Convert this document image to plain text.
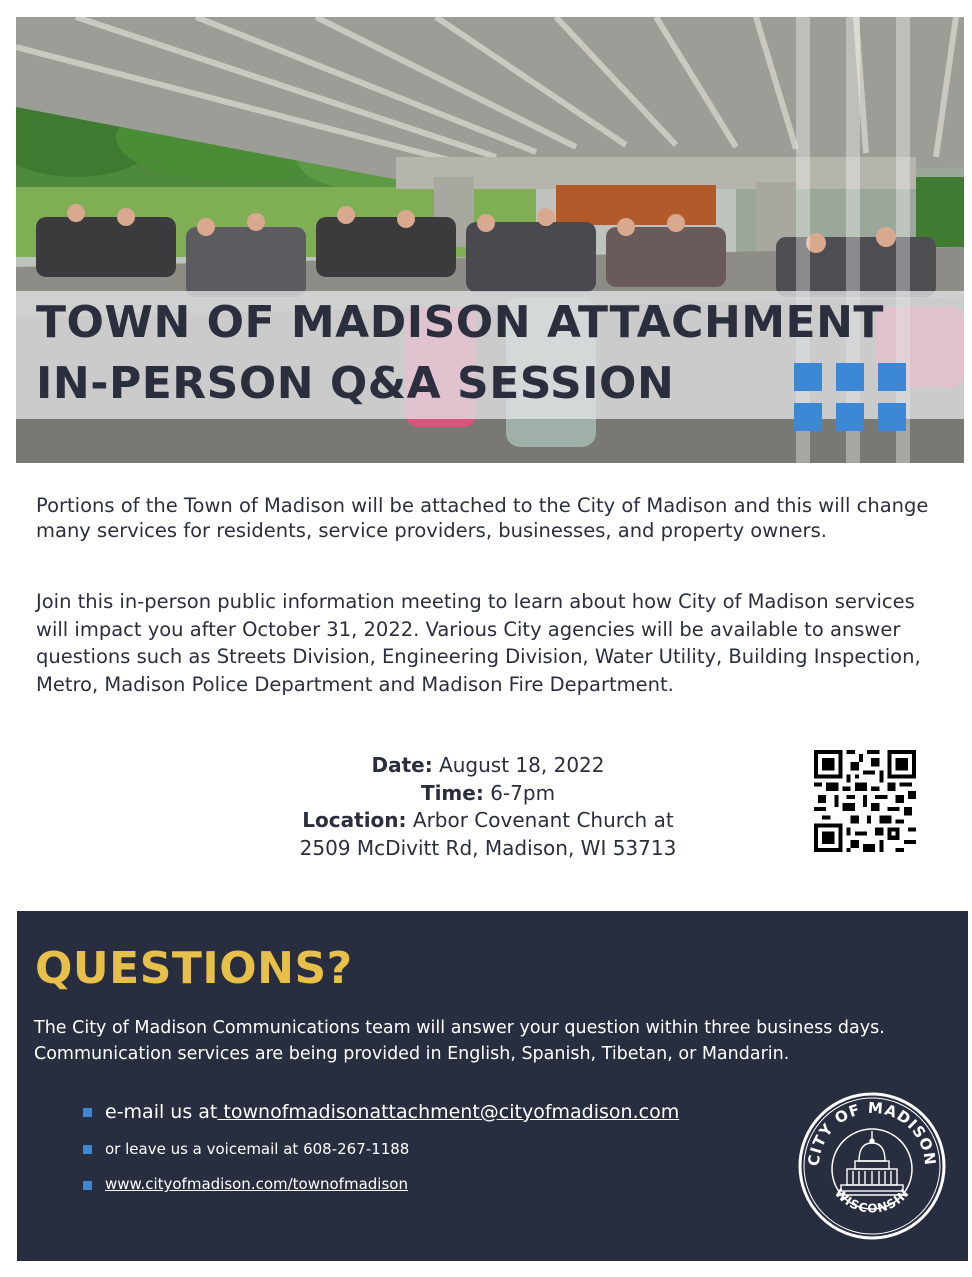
TOWN OF MADISON ATTACHMENT
IN-PERSON Q&A SESSION

Portions of the Town of Madison will be attached to the City of Madison and this will change many services for residents, service providers, businesses, and property owners.

Join this in-person public information meeting to learn about how City of Madison services will impact you after October 31, 2022. Various City agencies will be available to answer questions such as Streets Division, Engineering Division, Water Utility, Building Inspection, Metro, Madison Police Department and Madison Fire Department.

Date: August 18, 2022
Time: 6-7pm
Location: Arbor Covenant Church at
2509 McDivitt Rd, Madison, WI 53713
QUESTIONS?

The City of Madison Communications team will answer your question within three business days. Communication services are being provided in English, Spanish, Tibetan, or Mandarin.

e-mail us at townofmadisonattachment@cityofmadison.com
or leave us a voicemail at 608-267-1188
www.cityofmadison.com/townofmadison
CITY OF MADISON
WISCONSIN
